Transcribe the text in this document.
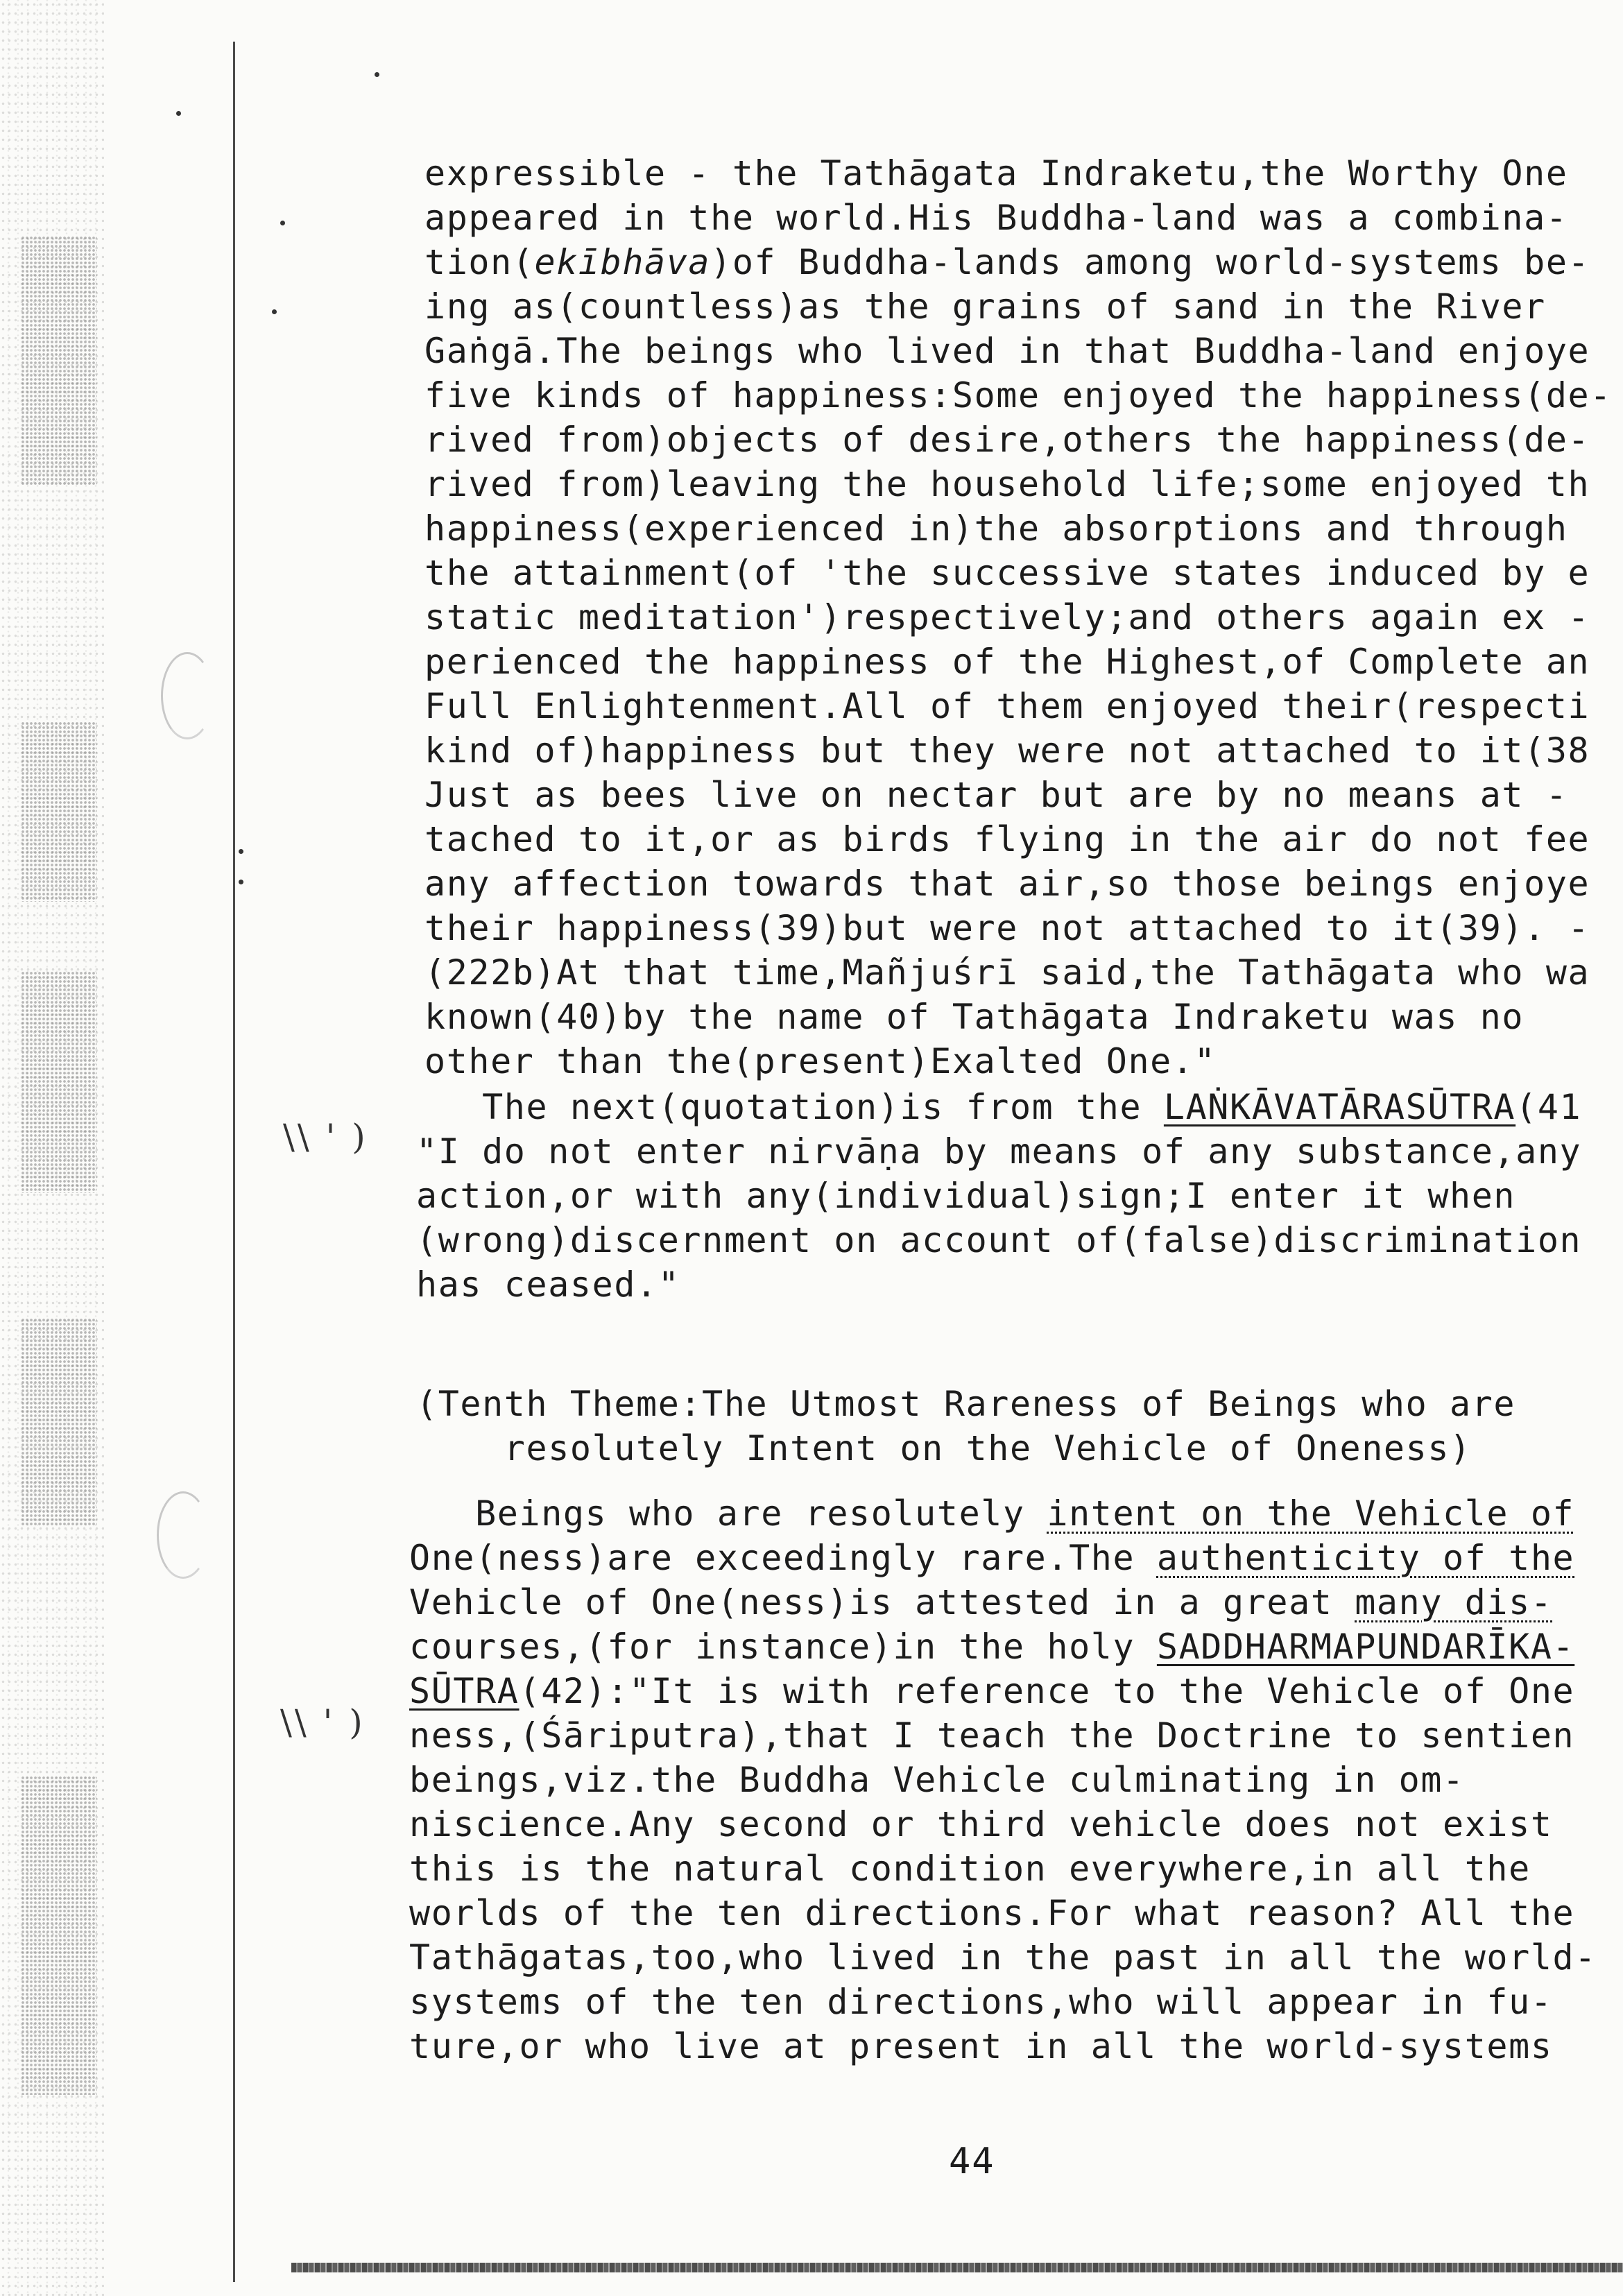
\\ ' )
\\ ' )
expressible - the Tathāgata Indraketu,the Worthy One
appeared in the world.His Buddha-land was a combina-
tion(ekībhāva)of Buddha-lands among world-systems be-
ing as(countless)as the grains of sand in the River
Gaṅgā.The beings who lived in that Buddha-land enjoye
five kinds of happiness:Some enjoyed the happiness(de-
rived from)objects of desire,others the happiness(de-
rived from)leaving the household life;some enjoyed th
happiness(experienced in)the absorptions and through
the attainment(of 'the successive states induced by e
static meditation')respectively;and others again ex -
perienced the happiness of the Highest,of Complete an
Full Enlightenment.All of them enjoyed their(respecti
kind of)happiness but they were not attached to it(38
Just as bees live on nectar but are by no means at -
tached to it,or as birds flying in the air do not fee
any affection towards that air,so those beings enjoye
their happiness(39)but were not attached to it(39). -
(222b)At that time,Mañjuśrī said,the Tathāgata who wa
known(40)by the name of Tathāgata Indraketu was no
other than the(present)Exalted One."
The next(quotation)is from the LAṄKĀVATĀRASŪTRA(41
"I do not enter nirvāṇa by means of any substance,any
action,or with any(individual)sign;I enter it when
(wrong)discernment on account of(false)discrimination
has ceased."
(Tenth Theme:The Utmost Rareness of Beings who are
resolutely Intent on the Vehicle of Oneness)
Beings who are resolutely intent on the Vehicle of
One(ness)are exceedingly rare.The authenticity of the
Vehicle of One(ness)is attested in a great many dis-
courses,(for instance)in the holy SADDHARMAPUNDARĪKA-
SŪTRA(42):"It is with reference to the Vehicle of One
ness,(Śāriputra),that I teach the Doctrine to sentien
beings,viz.the Buddha Vehicle culminating in om-
niscience.Any second or third vehicle does not exist
this is the natural condition everywhere,in all the
worlds of the ten directions.For what reason? All the
Tathāgatas,too,who lived in the past in all the world-
systems of the ten directions,who will appear in fu-
ture,or who live at present in all the world-systems
44
